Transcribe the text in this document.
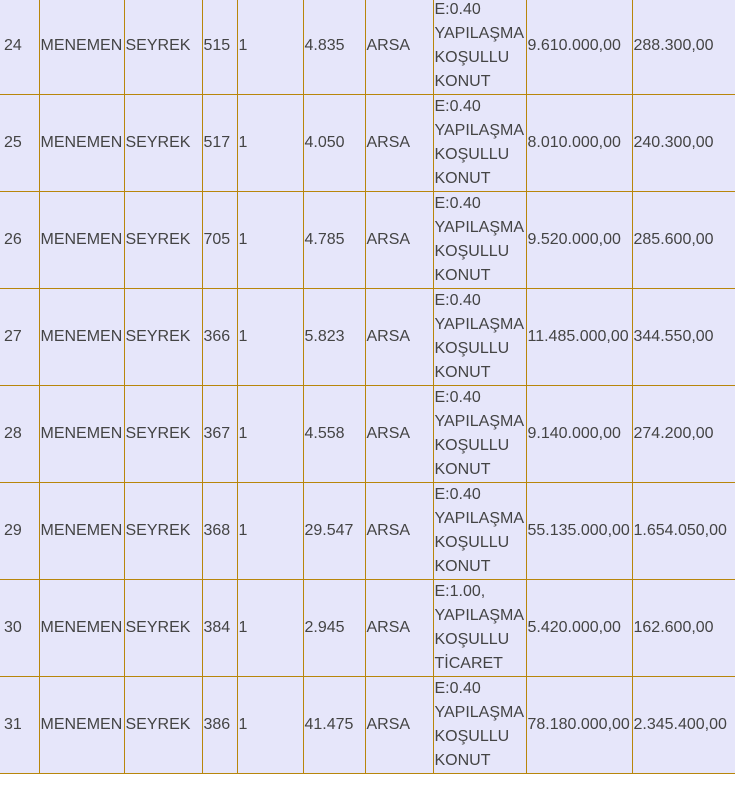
24	MENEMEN	SEYREK	515	1	4.835	ARSA	E:0.40 YAPILAŞMA KOŞULLU KONUT	9.610.000,00	288.300,00
25	MENEMEN	SEYREK	517	1	4.050	ARSA	E:0.40 YAPILAŞMA KOŞULLU KONUT	8.010.000,00	240.300,00
26	MENEMEN	SEYREK	705	1	4.785	ARSA	E:0.40 YAPILAŞMA KOŞULLU KONUT	9.520.000,00	285.600,00
27	MENEMEN	SEYREK	366	1	5.823	ARSA	E:0.40 YAPILAŞMA KOŞULLU KONUT	11.485.000,00	344.550,00
28	MENEMEN	SEYREK	367	1	4.558	ARSA	E:0.40 YAPILAŞMA KOŞULLU KONUT	9.140.000,00	274.200,00
29	MENEMEN	SEYREK	368	1	29.547	ARSA	E:0.40 YAPILAŞMA KOŞULLU KONUT	55.135.000,00	1.654.050,00
30	MENEMEN	SEYREK	384	1	2.945	ARSA	E:1.00, YAPILAŞMA KOŞULLU TİCARET	5.420.000,00	162.600,00
31	MENEMEN	SEYREK	386	1	41.475	ARSA	E:0.40 YAPILAŞMA KOŞULLU KONUT	78.180.000,00	2.345.400,00
